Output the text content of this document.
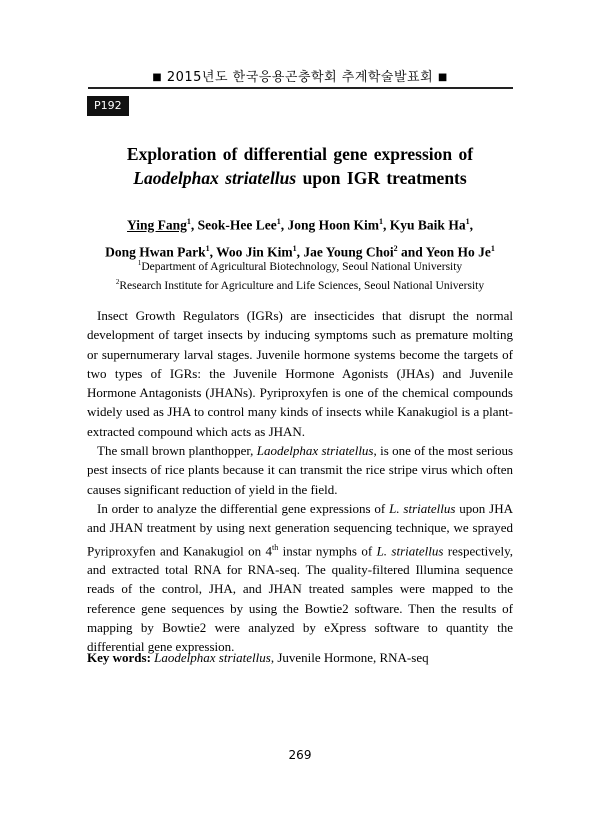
■ 2015년도 한국응용곤충학회 추계학술발표회 ■
P192
Exploration of differential gene expression of
Laodelphax striatellus upon IGR treatments
Ying Fang$^1$, Seok-Hee Lee$^1$, Jong Hoon Kim$^1$, Kyu Baik Ha$^1$,
Dong Hwan Park$^1$, Woo Jin Kim$^1$, Jae Young Choi$^2$ and Yeon Ho Je$^1$
$^1$Department of Agricultural Biotechnology, Seoul National University
$^2$Research Institute for Agriculture and Life Sciences, Seoul National University

Insect Growth Regulators (IGRs) are insecticides that disrupt the normal development of target insects by inducing symptoms such as premature molting or supernumerary larval stages. Juvenile hormone systems become the targets of two types of IGRs: the Juvenile Hormone Agonists (JHAs) and Juvenile Hormone Antagonists (JHANs). Pyriproxyfen is one of the chemical compounds widely used as JHA to control many kinds of insects while Kanakugiol is a plant-extracted compound which acts as JHAN.

The small brown planthopper, Laodelphax striatellus, is one of the most serious pest insects of rice plants because it can transmit the rice stripe virus which often causes significant reduction of yield in the field.

In order to analyze the differential gene expressions of L. striatellus upon JHA and JHAN treatment by using next generation sequencing technique, we sprayed Pyriproxyfen and Kanakugiol on 4th instar nymphs of L. striatellus respectively, and extracted total RNA for RNA-seq. The quality-filtered Illumina sequence reads of the control, JHA, and JHAN treated samples were mapped to the reference gene sequences by using the Bowtie2 software. Then the results of mapping by Bowtie2 were analyzed by eXpress software to quantity the differential gene expression.

Key words: Laodelphax striatellus, Juvenile Hormone, RNA-seq
269
